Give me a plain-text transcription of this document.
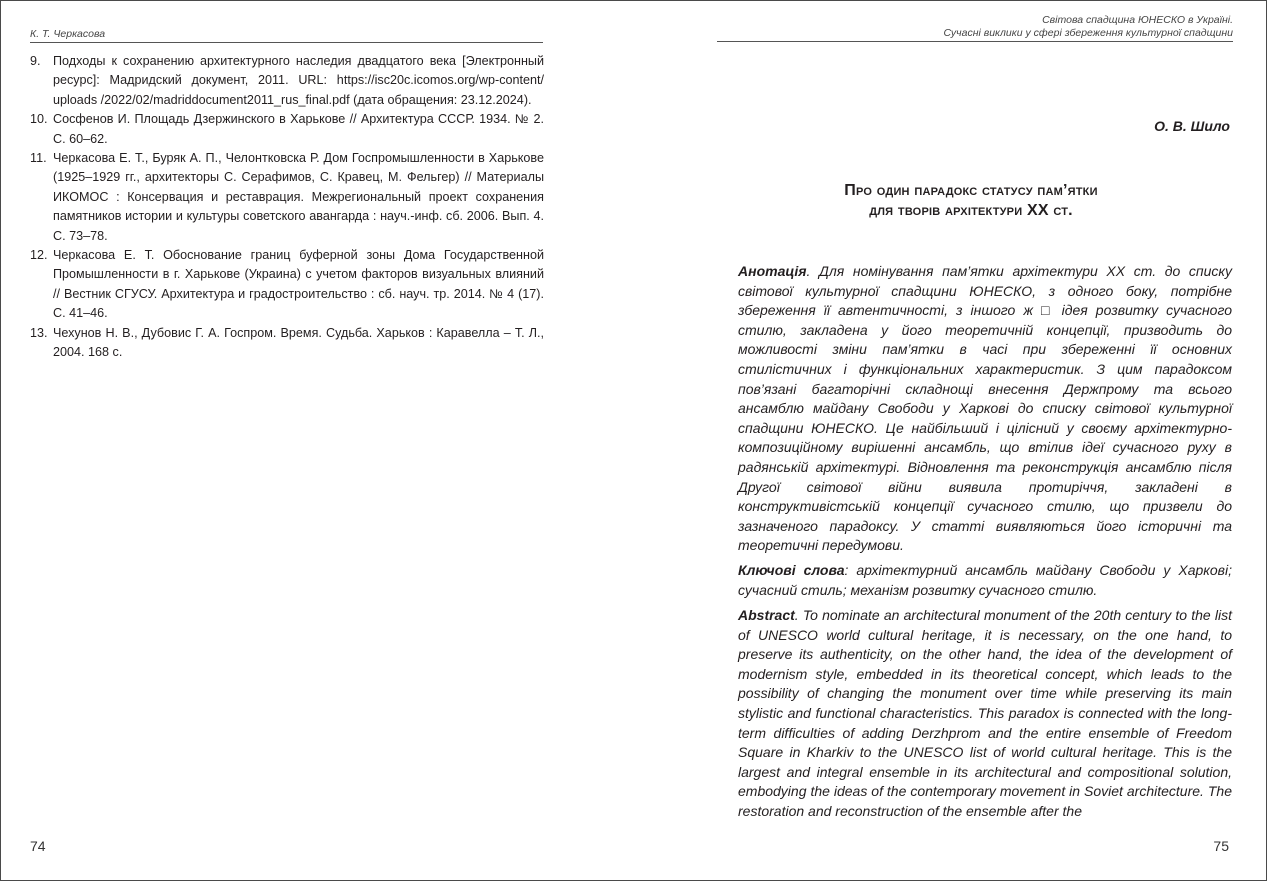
К. Т. Черкасова
9. Подходы к сохранению архитектурного наследия двадцатого века [Электронный ресурс]: Мадридский документ, 2011. URL: https://isc20c.icomos.org/wp-content/ uploads /2022/02/madriddocument2011_rus_final.pdf (дата обращения: 23.12.2024).
10. Сосфенов И. Площадь Дзержинского в Харькове // Архитектура СССР. 1934. № 2. С. 60–62.
11. Черкасова Е. Т., Буряк А. П., Челонтковска Р. Дом Госпромышленности в Харькове (1925–1929 гг., архитекторы С. Серафимов, С. Кравец, М. Фельгер) // Материалы ИКОМОС : Консервация и реставрация. Межрегиональный проект сохранения памятников истории и культуры советского авангарда : науч.-инф. сб. 2006. Вып. 4. С. 73–78.
12. Черкасова Е. Т. Обоснование границ буферной зоны Дома Государственной Промышленности в г. Харькове (Украина) с учетом факторов визуальных влияний // Вестник СГУСУ. Архитектура и градостроительство : сб. науч. тр. 2014. № 4 (17). С. 41–46.
13. Чехунов Н. В., Дубовис Г. А. Госпром. Время. Судьба. Харьков : Каравелла – Т. Л., 2004. 168 с.
74
Світова спадщина ЮНЕСКО в Україні.
Сучасні виклики у сфері збереження культурної спадщини
О. В. Шило
Про один парадокс статусу пам’ятки
для творів архітектури XX ст.

Анотація. Для номінування пам’ятки архітектури ХХ ст. до списку світової культурної спадщини ЮНЕСКО, з одного боку, потрібне збереження її автентичності, з іншого ж □ ідея розвитку сучасного стилю, закладена у його теоретичній концепції, призводить до можливості зміни пам’ятки в часі при збереженні її основних стилістичних і функціональних характеристик. З цим парадоксом пов’язані багаторічні складнощі внесення Держпрому та всього ансамблю майдану Свободи у Харкові до списку світової культурної спадщини ЮНЕСКО. Це найбільший і цілісний у своєму архітектурно-композиційному вирішенні ансамбль, що втілив ідеї сучасного руху в радянській архітектурі. Відновлення та реконструкція ансамблю після Другої світової війни виявила протиріччя, закладені в конструктивістській концепції сучасного стилю, що призвели до зазначеного парадоксу. У статті виявляються його історичні та теоретичні передумови.

Ключові слова: архітектурний ансамбль майдану Свободи у Харкові; сучасний стиль; механізм розвитку сучасного стилю.

Abstract. To nominate an architectural monument of the 20th century to the list of UNESCO world cultural heritage, it is necessary, on the one hand, to preserve its authenticity, on the other hand, the idea of the development of modernism style, embedded in its theoretical concept, which leads to the possibility of changing the monument over time while preserving its main stylistic and functional characteristics. This paradox is connected with the long-term difficulties of adding Derzhprom and the entire ensemble of Freedom Square in Kharkiv to the UNESCO list of world cultural heritage. This is the largest and integral ensemble in its architectural and compositional solution, embodying the ideas of the contemporary movement in Soviet architecture. The restoration and reconstruction of the ensemble after the

75
